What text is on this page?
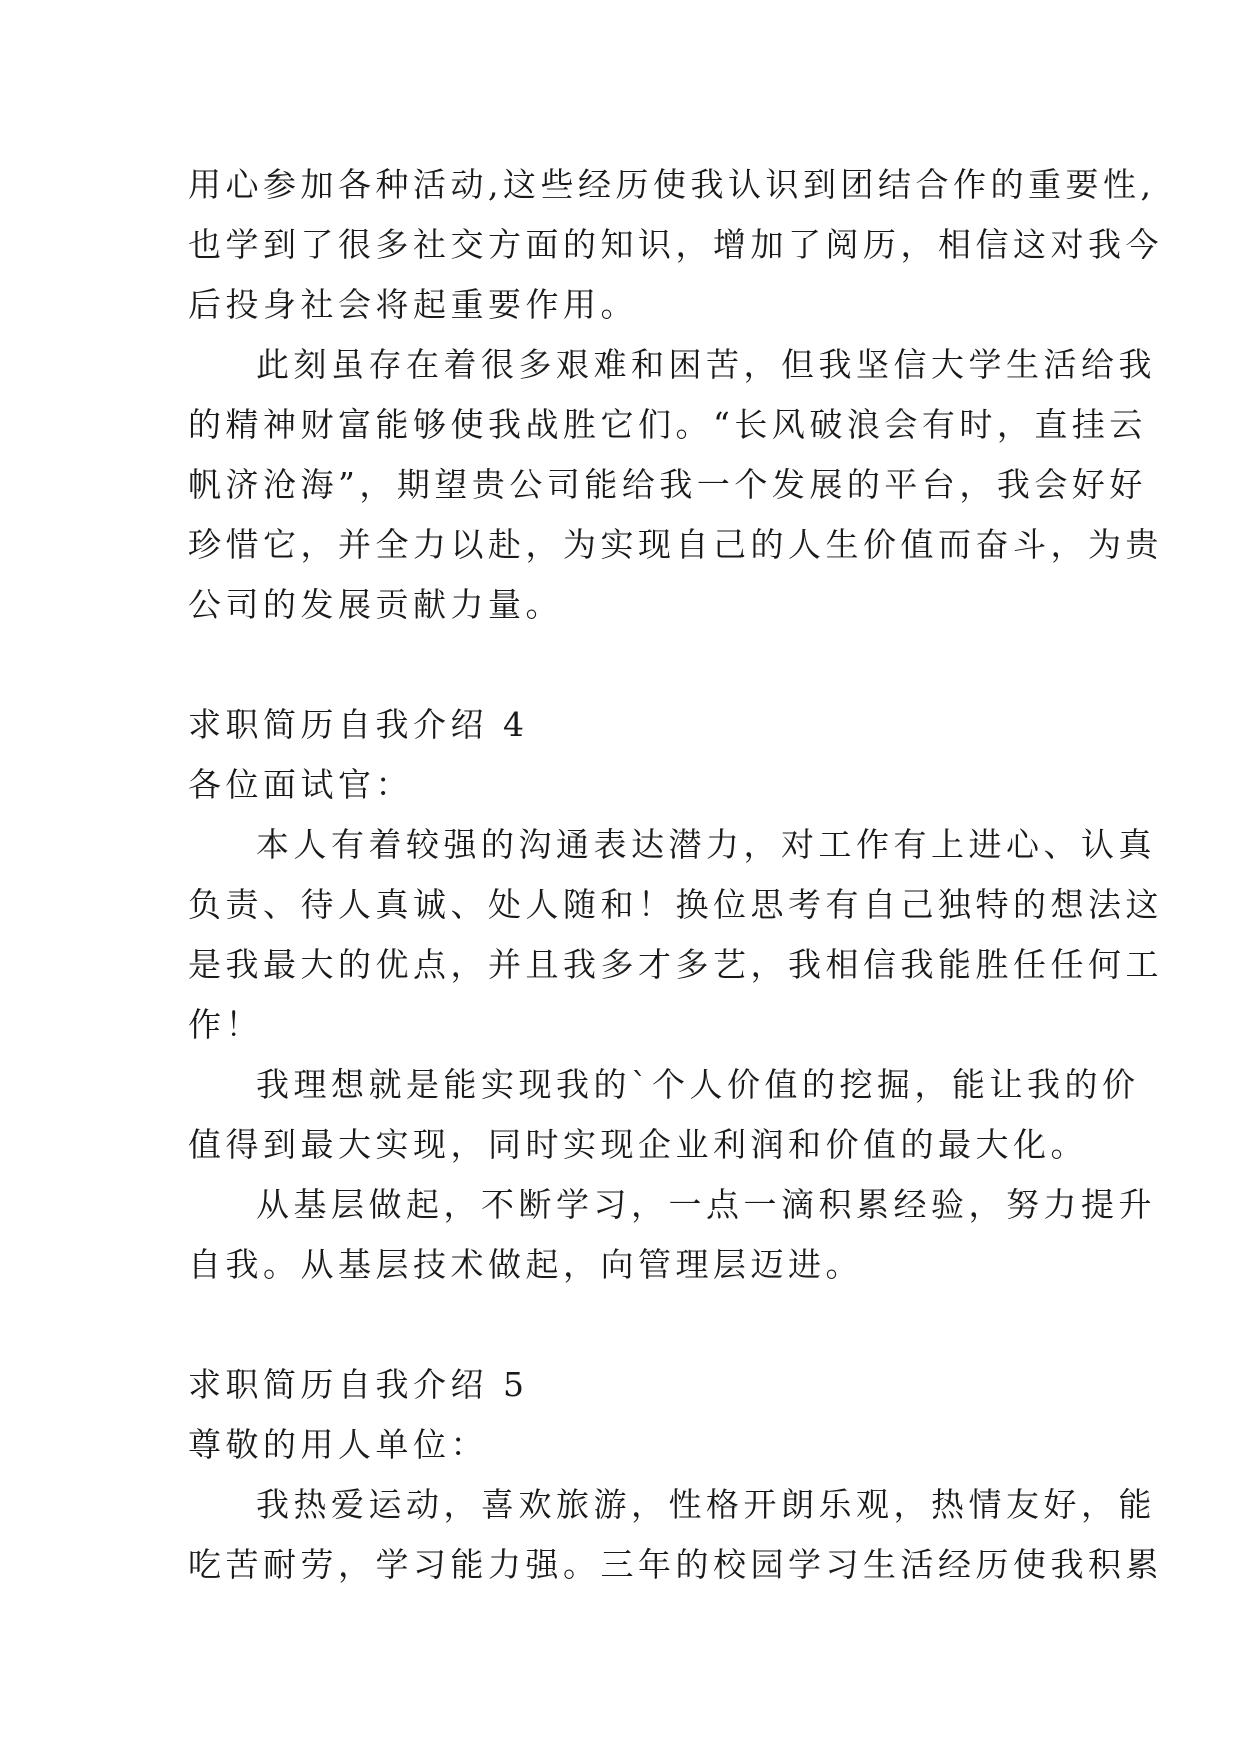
用心参加各种活动,这些经历使我认识到团结合作的重要性,
也学到了很多社交方面的知识，增加了阅历，相信这对我今
后投身社会将起重要作用。
此刻虽存在着很多艰难和困苦，但我坚信大学生活给我
的精神财富能够使我战胜它们。“长风破浪会有时，直挂云
帆济沧海”，期望贵公司能给我一个发展的平台，我会好好
珍惜它，并全力以赴，为实现自己的人生价值而奋斗，为贵
公司的发展贡献力量。
求职简历自我介绍 4
各位面试官：
本人有着较强的沟通表达潜力，对工作有上进心、认真
负责、待人真诚、处人随和！换位思考有自己独特的想法这
是我最大的优点，并且我多才多艺，我相信我能胜任任何工
作！
我理想就是能实现我的`个人价值的挖掘，能让我的价
值得到最大实现，同时实现企业利润和价值的最大化。
从基层做起，不断学习，一点一滴积累经验，努力提升
自我。从基层技术做起，向管理层迈进。
求职简历自我介绍 5
尊敬的用人单位：
我热爱运动，喜欢旅游，性格开朗乐观，热情友好，能
吃苦耐劳，学习能力强。三年的校园学习生活经历使我积累
